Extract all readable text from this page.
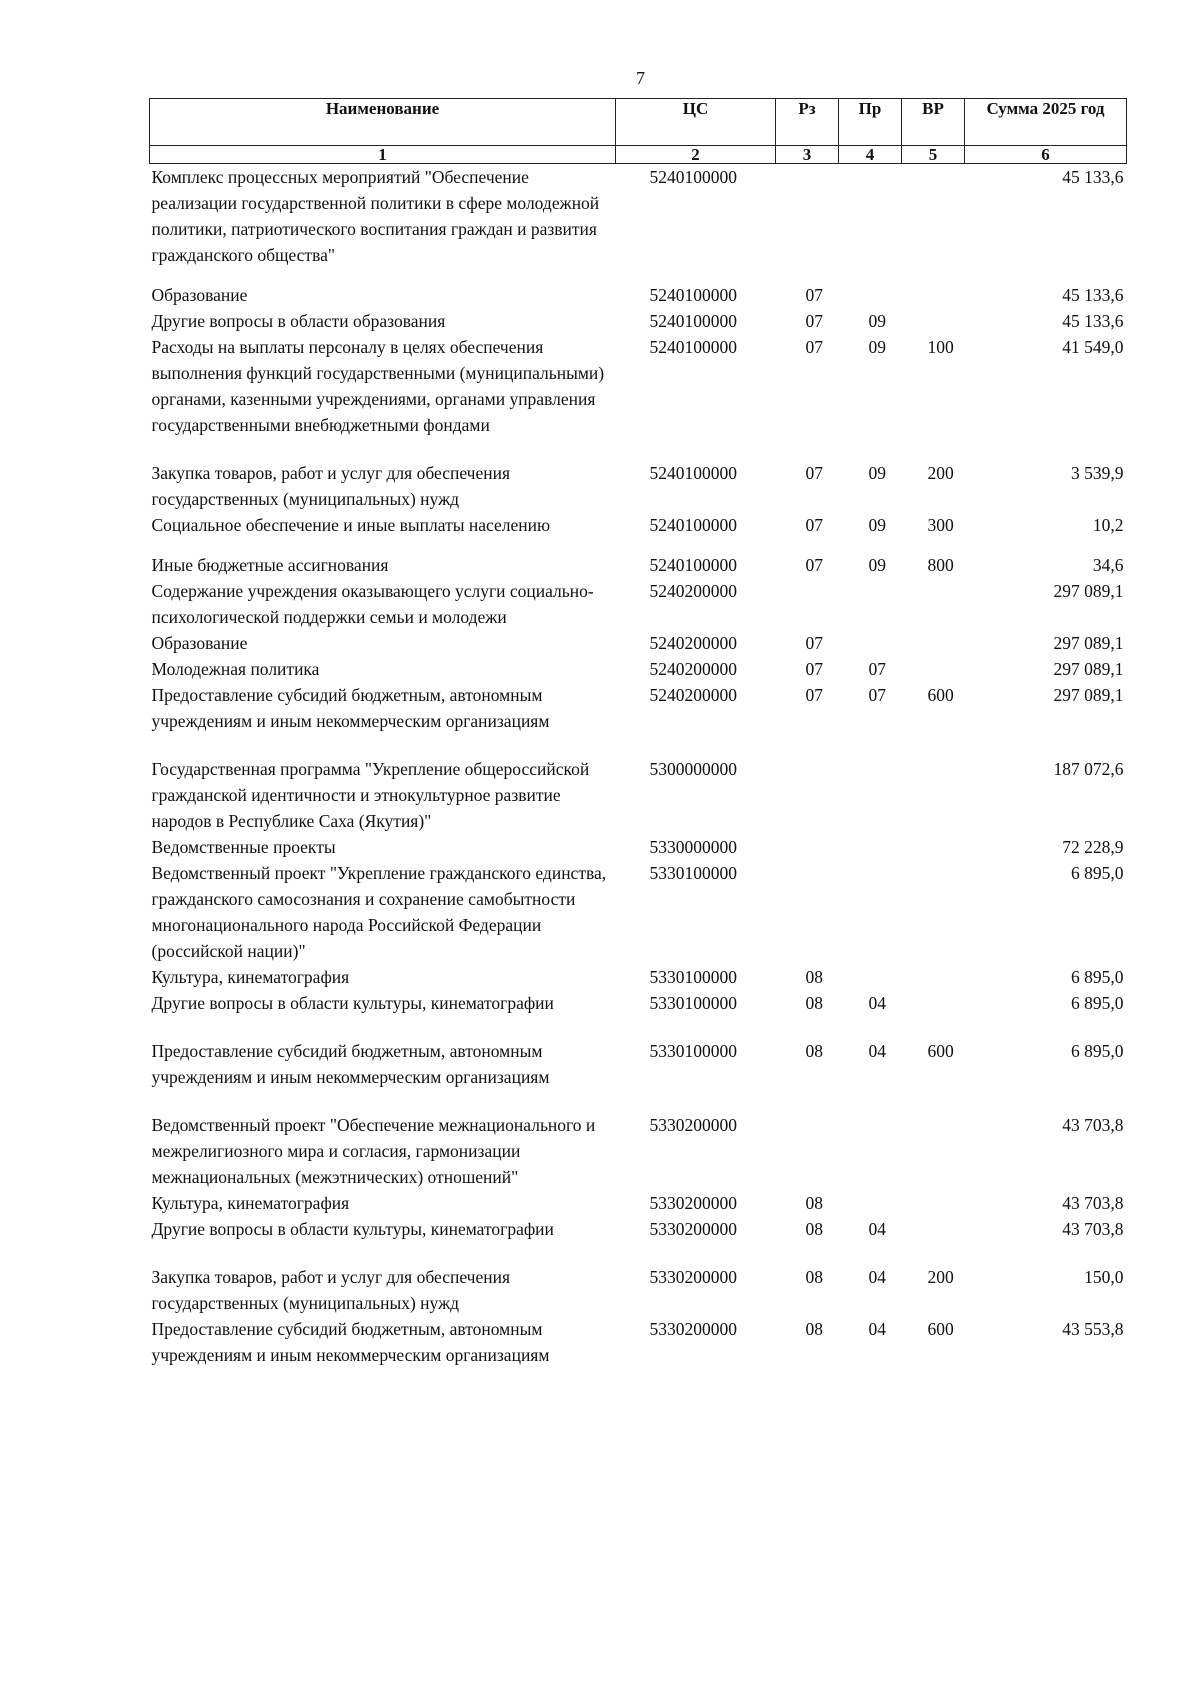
7
Наименование	ЦС	Рз	Пр	ВР	Сумма 2025 год
1	2	3	4	5	6
Комплекс процессных мероприятий "Обеспечение реализации государственной политики в сфере молодежной политики, патриотического воспитания граждан и развития гражданского общества"	5240100000				45 133,6
Образование	5240100000	07			45 133,6
Другие вопросы в области образования	5240100000	07	09		45 133,6
Расходы на выплаты персоналу в целях обеспечения выполнения функций государственными (муниципальными) органами, казенными учреждениями, органами управления государственными внебюджетными фондами	5240100000	07	09	100	41 549,0
Закупка товаров, работ и услуг для обеспечения государственных (муниципальных) нужд	5240100000	07	09	200	3 539,9
Социальное обеспечение и иные выплаты населению	5240100000	07	09	300	10,2
Иные бюджетные ассигнования	5240100000	07	09	800	34,6
Содержание учреждения оказывающего услуги социально-психологической поддержки семьи и молодежи	5240200000				297 089,1
Образование	5240200000	07			297 089,1
Молодежная политика	5240200000	07	07		297 089,1
Предоставление субсидий бюджетным, автономным учреждениям и иным некоммерческим организациям	5240200000	07	07	600	297 089,1
Государственная программа "Укрепление общероссийской гражданской идентичности и этнокультурное развитие народов в Республике Саха (Якутия)"	5300000000				187 072,6
Ведомственные проекты	5330000000				72 228,9
Ведомственный проект "Укрепление гражданского единства, гражданского самосознания и сохранение самобытности многонационального народа Российской Федерации (российской нации)"	5330100000				6 895,0
Культура, кинематография	5330100000	08			6 895,0
Другие вопросы в области культуры, кинематографии	5330100000	08	04		6 895,0
Предоставление субсидий бюджетным, автономным учреждениям и иным некоммерческим организациям	5330100000	08	04	600	6 895,0
Ведомственный проект "Обеспечение межнационального и межрелигиозного мира и согласия, гармонизации межнациональных (межэтнических) отношений"	5330200000				43 703,8
Культура, кинематография	5330200000	08			43 703,8
Другие вопросы в области культуры, кинематографии	5330200000	08	04		43 703,8
Закупка товаров, работ и услуг для обеспечения государственных (муниципальных) нужд	5330200000	08	04	200	150,0
Предоставление субсидий бюджетным, автономным учреждениям и иным некоммерческим организациям	5330200000	08	04	600	43 553,8
